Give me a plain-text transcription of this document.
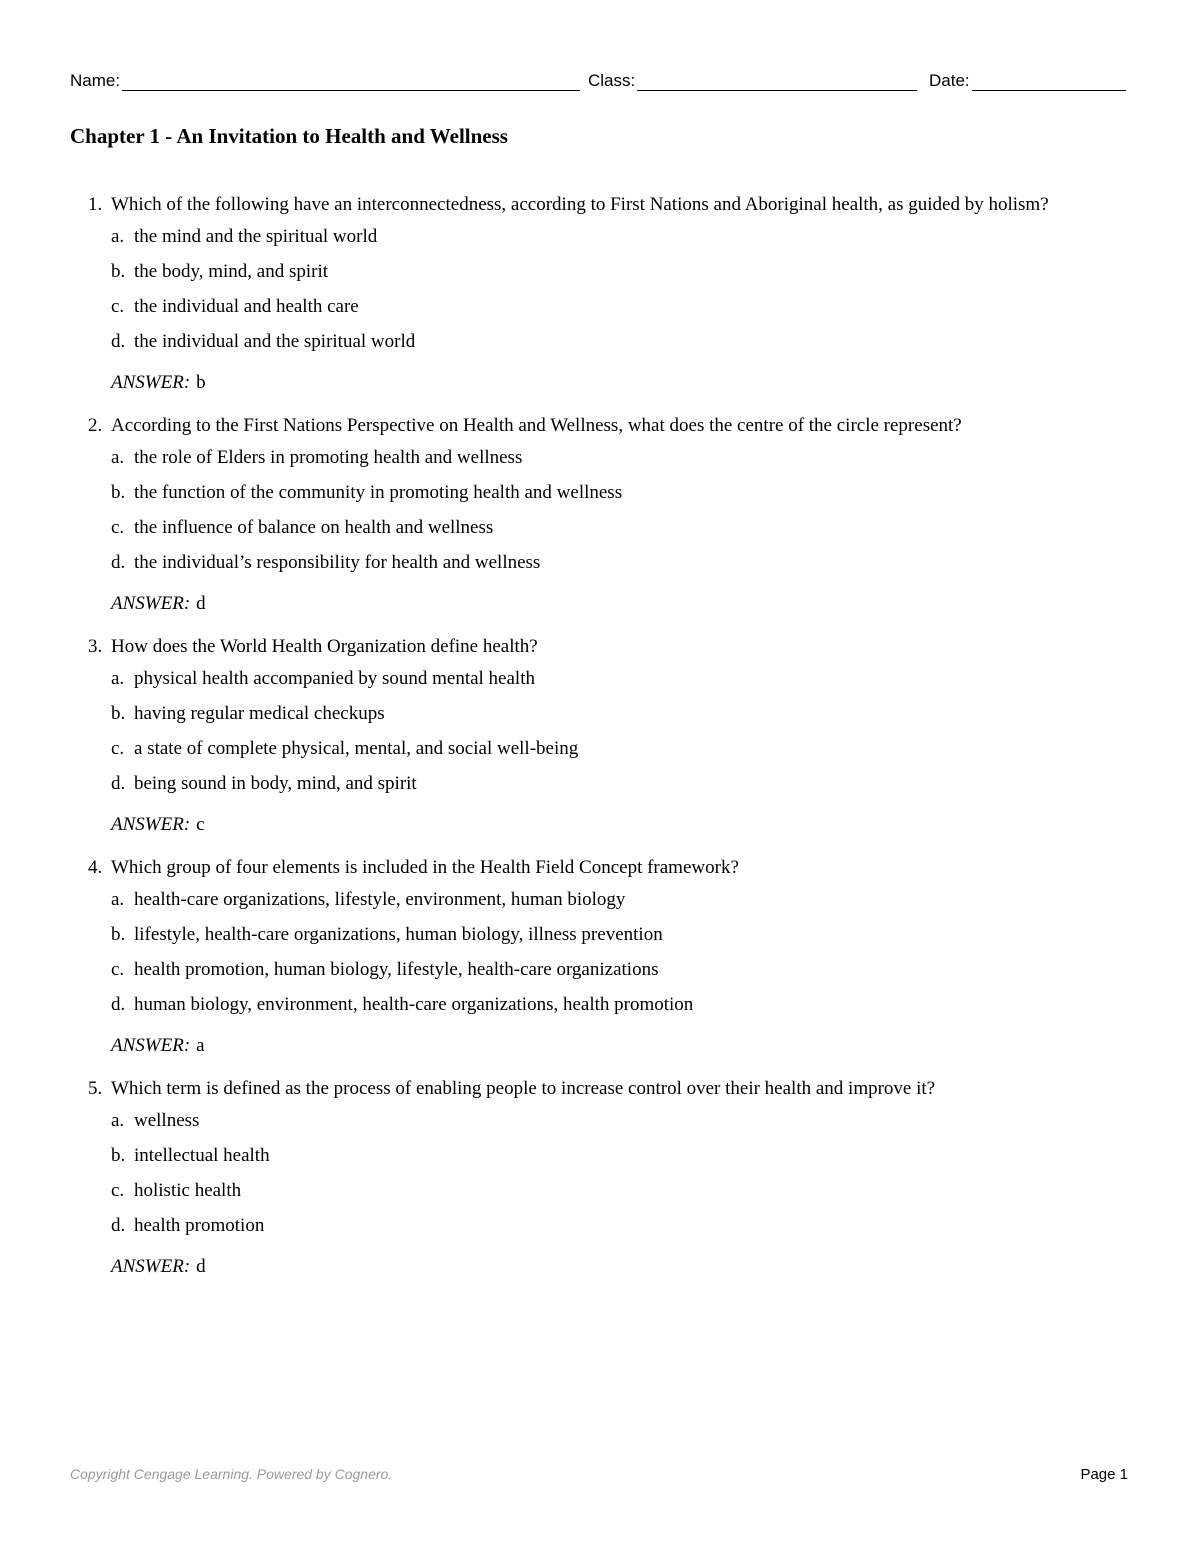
Name:	Class:	Date:
Chapter 1 - An Invitation to Health and Wellness
1. Which of the following have an interconnectedness, according to First Nations and Aboriginal health, as guided by holism?
a. the mind and the spiritual world
b. the body, mind, and spirit
c. the individual and health care
d. the individual and the spiritual world
ANSWER: b
2. According to the First Nations Perspective on Health and Wellness, what does the centre of the circle represent?
a. the role of Elders in promoting health and wellness
b. the function of the community in promoting health and wellness
c. the influence of balance on health and wellness
d. the individual’s responsibility for health and wellness
ANSWER: d
3. How does the World Health Organization define health?
a. physical health accompanied by sound mental health
b. having regular medical checkups
c. a state of complete physical, mental, and social well-being
d. being sound in body, mind, and spirit
ANSWER: c
4. Which group of four elements is included in the Health Field Concept framework?
a. health-care organizations, lifestyle, environment, human biology
b. lifestyle, health-care organizations, human biology, illness prevention
c. health promotion, human biology, lifestyle, health-care organizations
d. human biology, environment, health-care organizations, health promotion
ANSWER: a
5. Which term is defined as the process of enabling people to increase control over their health and improve it?
a. wellness
b. intellectual health
c. holistic health
d. health promotion
ANSWER: d
Copyright Cengage Learning. Powered by Cognero.	Page 1
